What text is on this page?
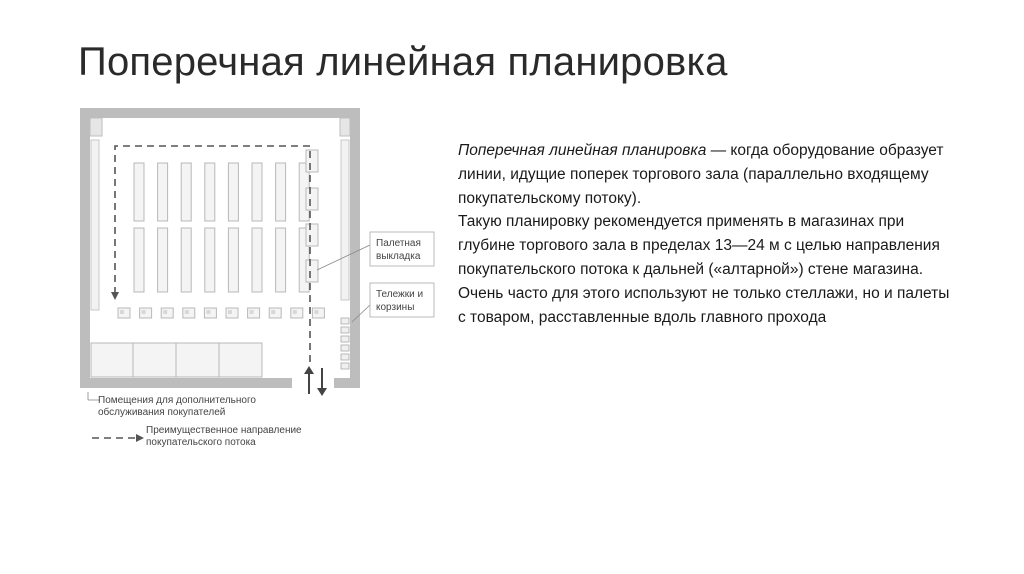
Поперечная линейная планировка
Палетная
выкладка
Тележки и
корзины
Помещения для дополнительного
обслуживания покупателей
Преимущественное направление
покупательского потока

Поперечная линейная планировка — когда оборудование образует линии, идущие поперек торгового зала (параллельно входящему покупательскому потоку).

Такую планировку рекомендуется применять в магазинах при глубине торгового зала в пределах 13—24 м с целью направления покупательского потока к дальней («алтарной») стене магазина.

Очень часто для этого используют не только стеллажи, но и палеты с товаром, расставленные вдоль главного прохода
